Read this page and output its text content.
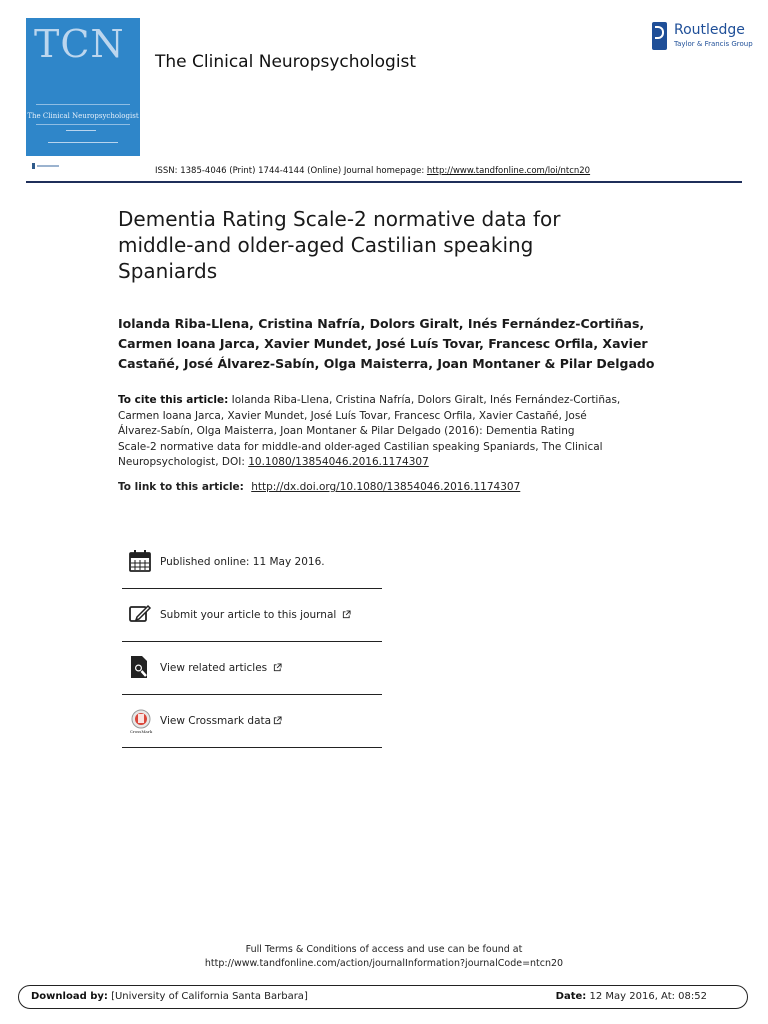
TCN
The Clinical Neuropsychologist
The Clinical Neuropsychologist
Routledge
Taylor & Francis Group
ISSN: 1385-4046 (Print) 1744-4144 (Online) Journal homepage: http://www.tandfonline.com/loi/ntcn20
Dementia Rating Scale-2 normative data for
middle-and older-aged Castilian speaking
Spaniards
Iolanda Riba-Llena, Cristina Nafría, Dolors Giralt, Inés Fernández-Cortiñas,
Carmen Ioana Jarca, Xavier Mundet, José Luís Tovar, Francesc Orfila, Xavier
Castañé, José Álvarez-Sabín, Olga Maisterra, Joan Montaner & Pilar Delgado
To cite this article: Iolanda Riba-Llena, Cristina Nafría, Dolors Giralt, Inés Fernández-Cortiñas,
Carmen Ioana Jarca, Xavier Mundet, José Luís Tovar, Francesc Orfila, Xavier Castañé, José
Álvarez-Sabín, Olga Maisterra, Joan Montaner & Pilar Delgado (2016): Dementia Rating
Scale-2 normative data for middle-and older-aged Castilian speaking Spaniards, The Clinical
Neuropsychologist, DOI: 10.1080/13854046.2016.1174307
To link to this article: http://dx.doi.org/10.1080/13854046.2016.1174307
Published online: 11 May 2016.
Submit your article to this journal
View related articles
CrossMark
View Crossmark data
Full Terms & Conditions of access and use can be found at
http://www.tandfonline.com/action/journalInformation?journalCode=ntcn20
Download by: [University of California Santa Barbara]	Date: 12 May 2016, At: 08:52
